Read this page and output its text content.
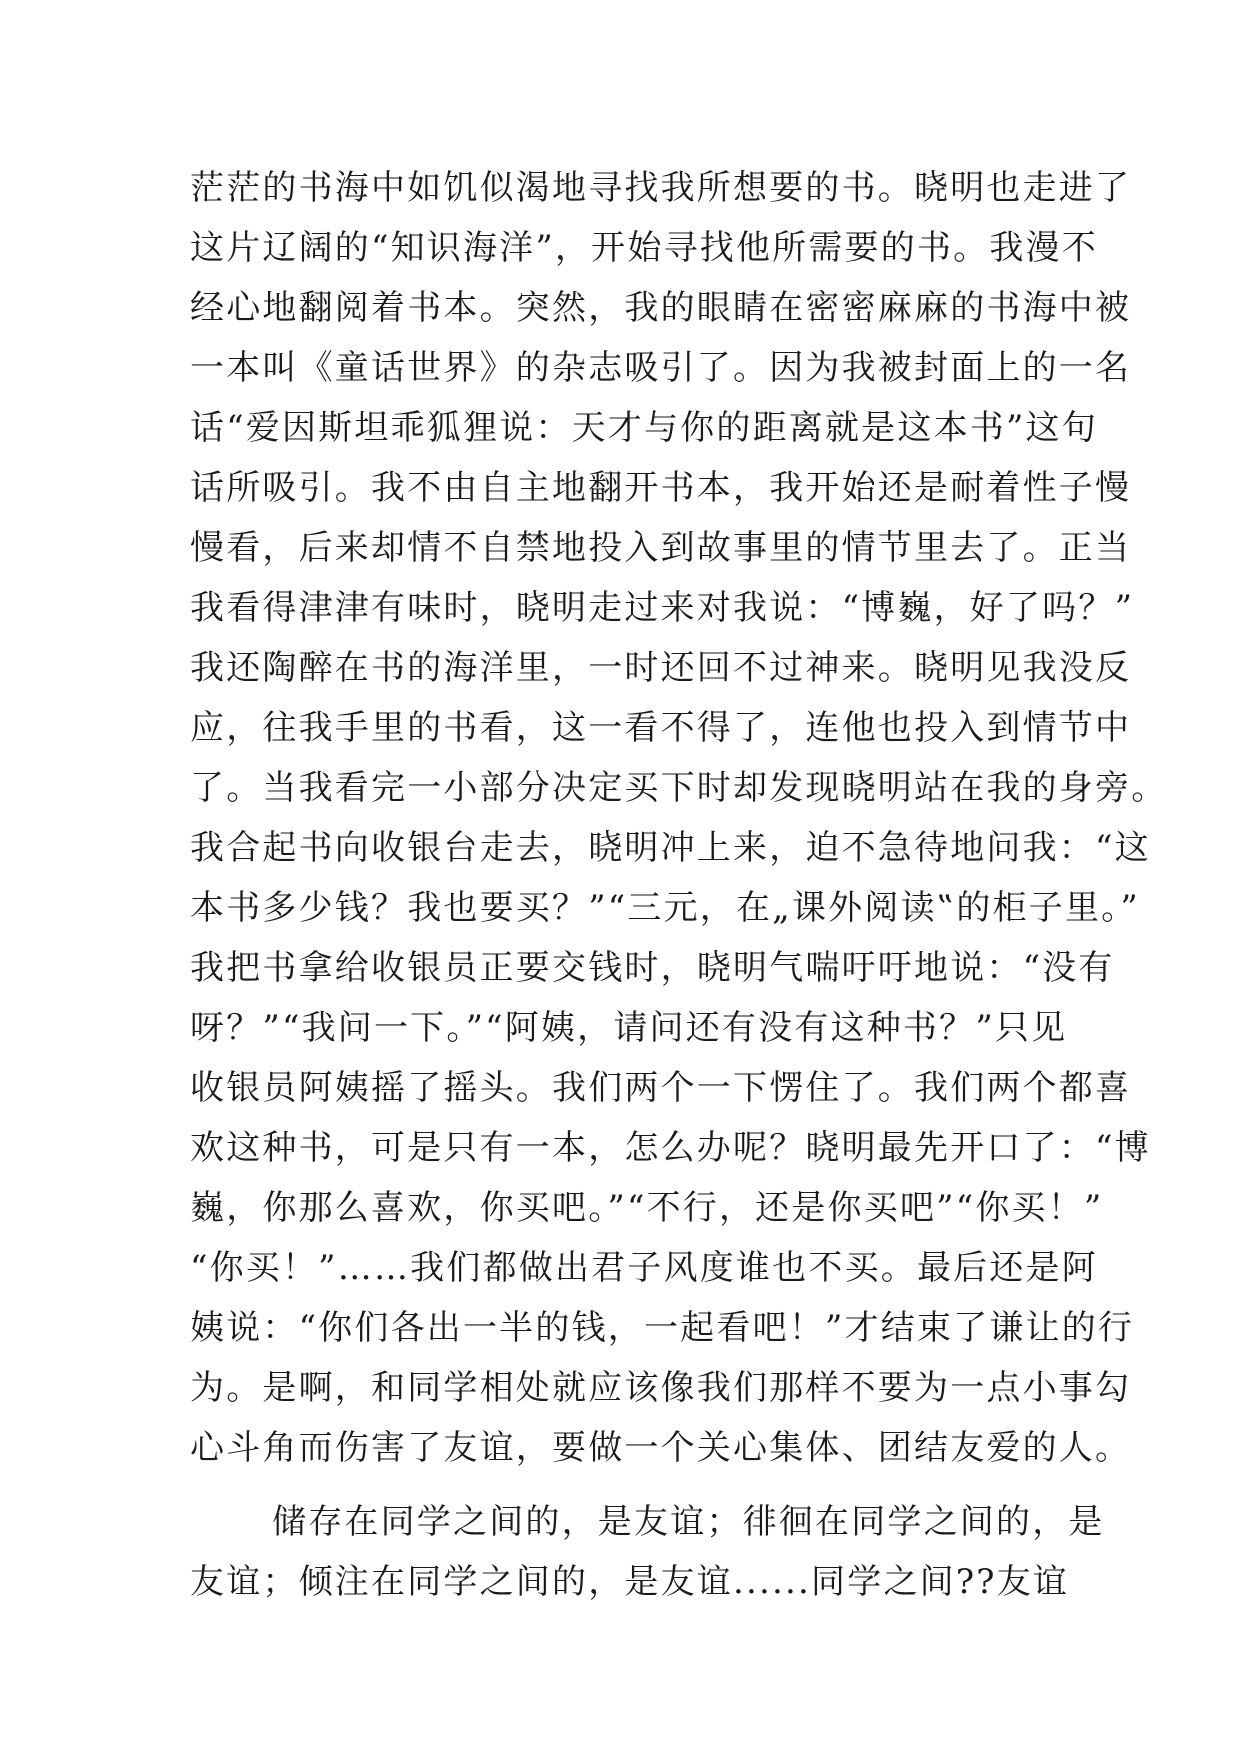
茫茫的书海中如饥似渴地寻找我所想要的书。晓明也走进了
这片辽阔的“知识海洋”，开始寻找他所需要的书。我漫不
经心地翻阅着书本。突然，我的眼睛在密密麻麻的书海中被
一本叫《童话世界》的杂志吸引了。因为我被封面上的一名
话“爱因斯坦乖狐狸说：天才与你的距离就是这本书”这句
话所吸引。我不由自主地翻开书本，我开始还是耐着性子慢
慢看，后来却情不自禁地投入到故事里的情节里去了。正当
我看得津津有味时，晓明走过来对我说：“博巍，好了吗？”
我还陶醉在书的海洋里，一时还回不过神来。晓明见我没反
应，往我手里的书看，这一看不得了，连他也投入到情节中
了。当我看完一小部分决定买下时却发现晓明站在我的身旁。
我合起书向收银台走去，晓明冲上来，迫不急待地问我：“这
本书多少钱？我也要买？”“三元，在„课外阅读‟的柜子里。”
我把书拿给收银员正要交钱时，晓明气喘吁吁地说：“没有
呀？”“我问一下。”“阿姨，请问还有没有这种书？”只见
收银员阿姨摇了摇头。我们两个一下愣住了。我们两个都喜
欢这种书，可是只有一本，怎么办呢？晓明最先开口了：“博
巍，你那么喜欢，你买吧。”“不行，还是你买吧”“你买！”
“你买！”……我们都做出君子风度谁也不买。最后还是阿
姨说：“你们各出一半的钱，一起看吧！”才结束了谦让的行
为。是啊，和同学相处就应该像我们那样不要为一点小事勾
心斗角而伤害了友谊，要做一个关心集体、团结友爱的人。
储存在同学之间的，是友谊；徘徊在同学之间的，是
友谊；倾注在同学之间的，是友谊......同学之间??友谊
